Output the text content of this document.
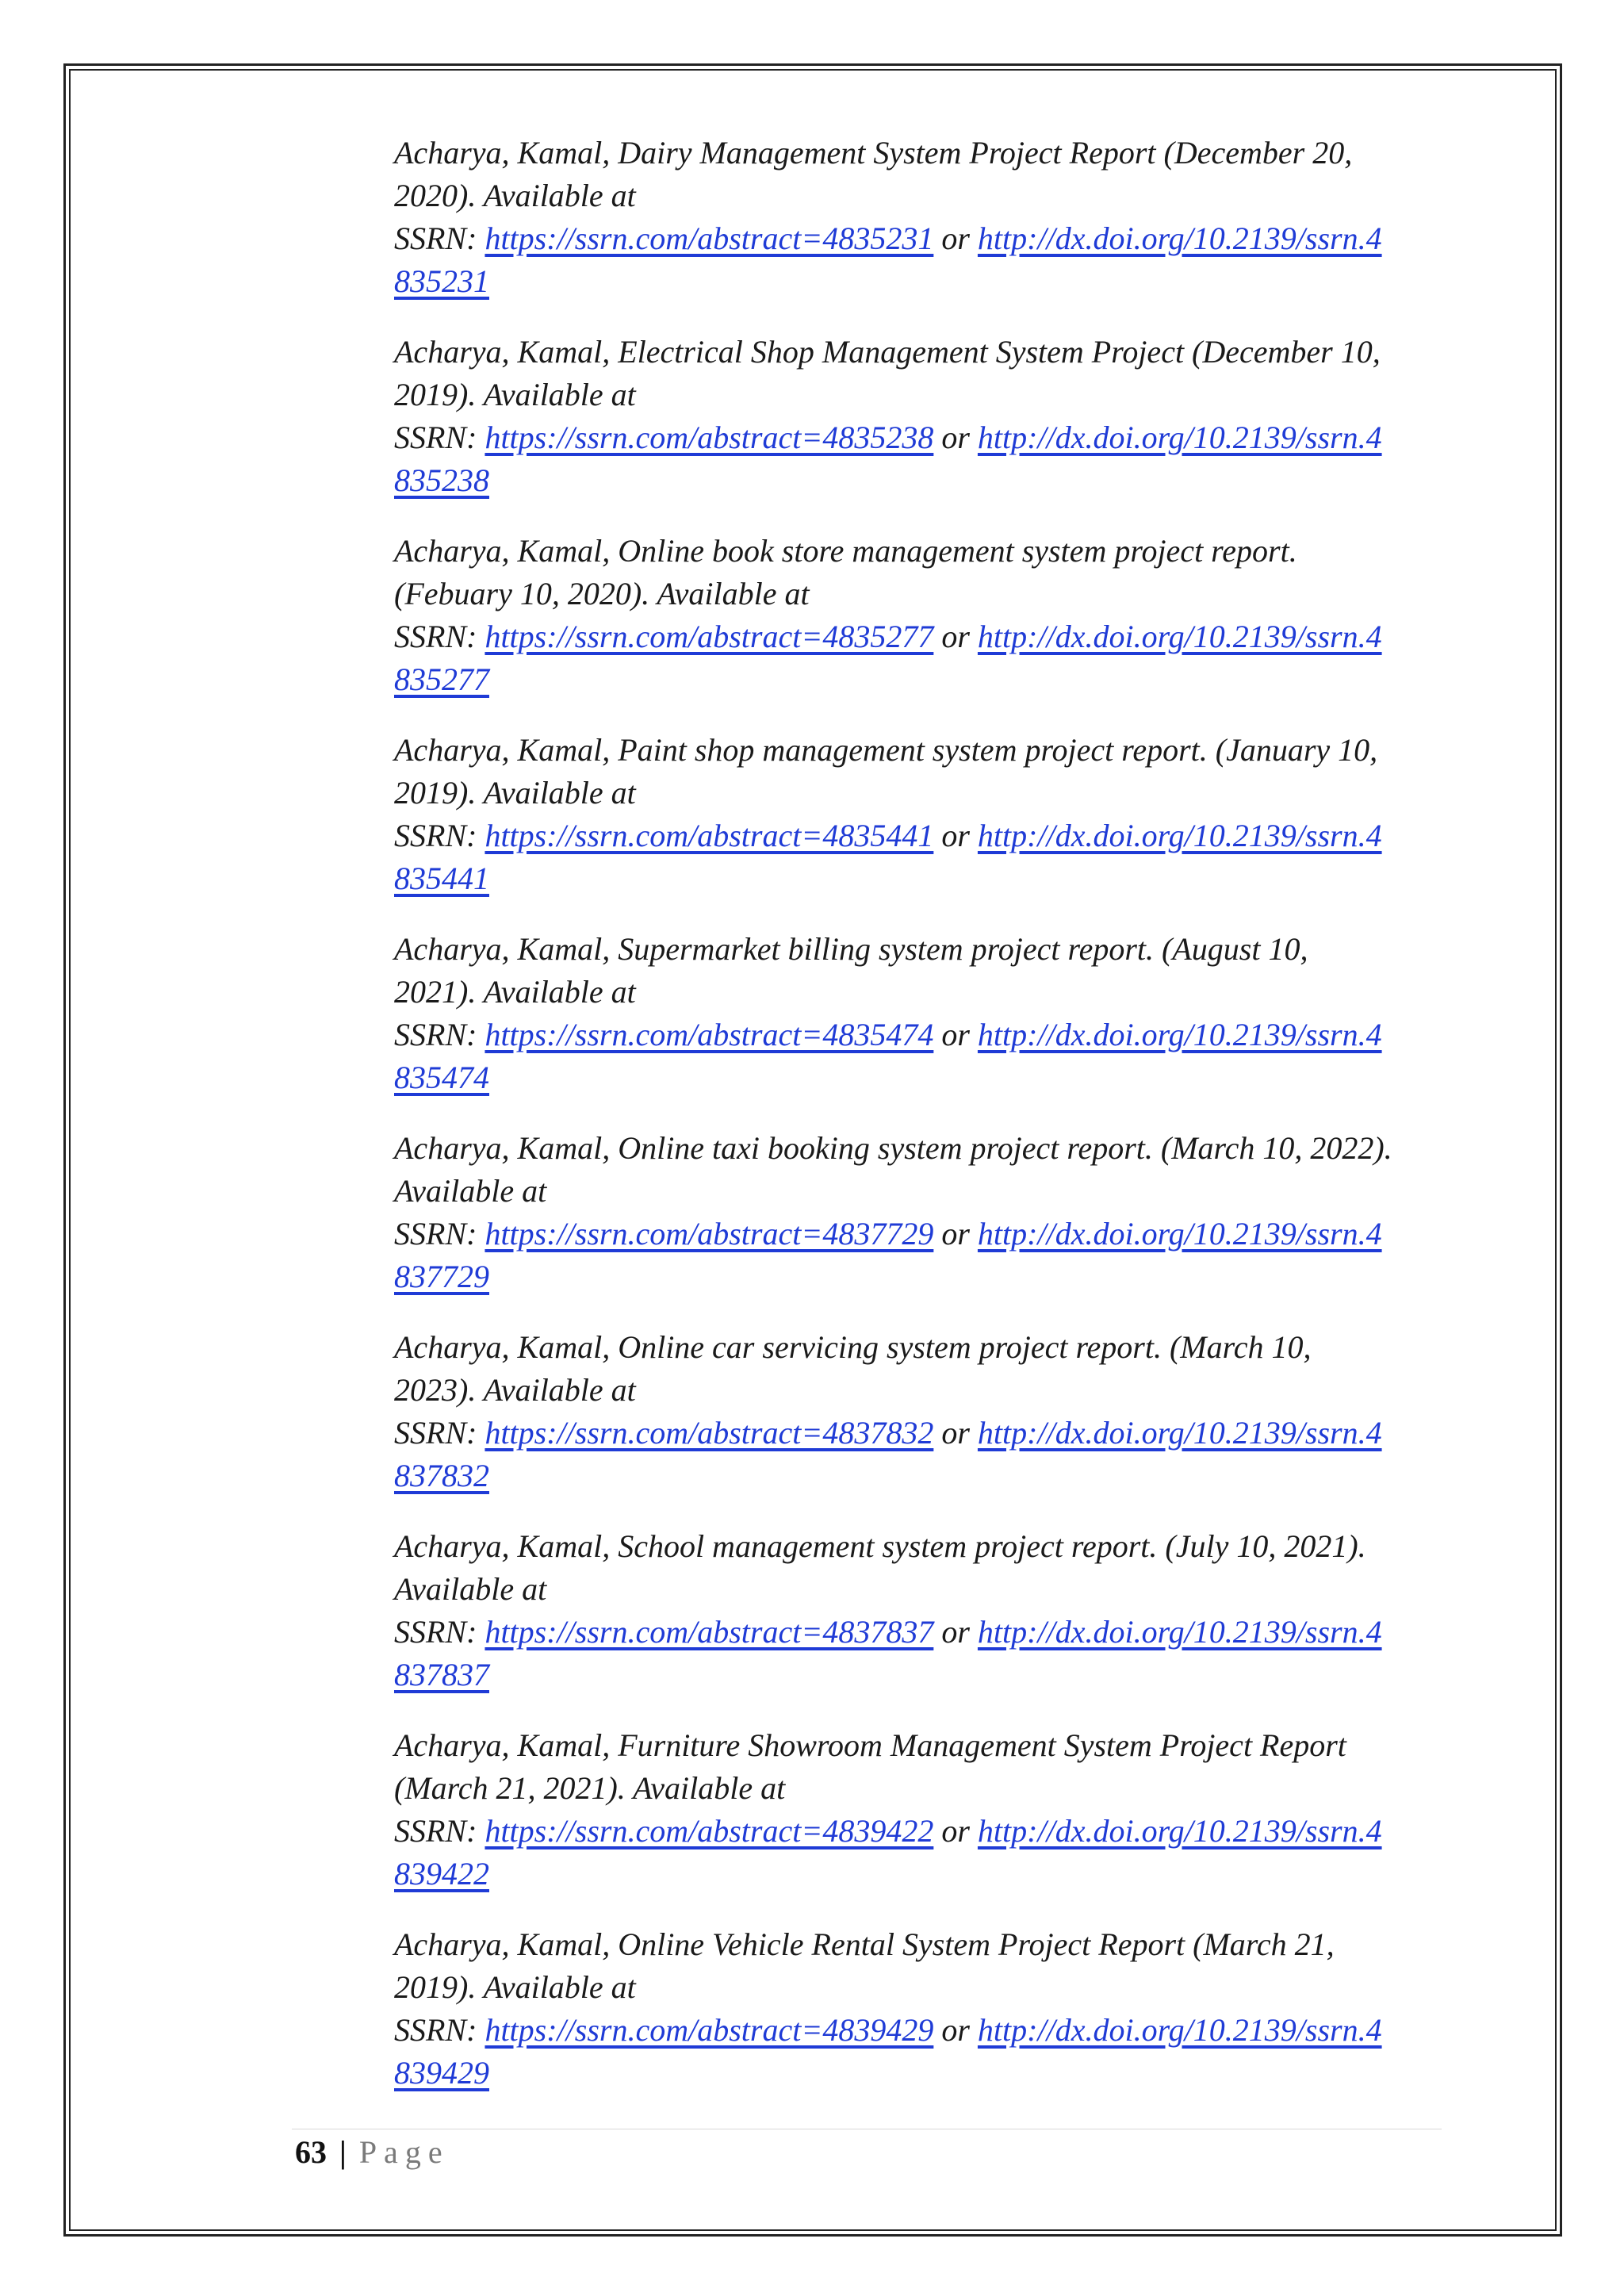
Acharya, Kamal, Dairy Management System Project Report (December 20,
2020). Available at
SSRN: https://ssrn.com/abstract=4835231 or http://dx.doi.org/10.2139/ssrn.4
835231

Acharya, Kamal, Electrical Shop Management System Project (December 10,
2019). Available at
SSRN: https://ssrn.com/abstract=4835238 or http://dx.doi.org/10.2139/ssrn.4
835238

Acharya, Kamal, Online book store management system project report.
(Febuary 10, 2020). Available at
SSRN: https://ssrn.com/abstract=4835277 or http://dx.doi.org/10.2139/ssrn.4
835277

Acharya, Kamal, Paint shop management system project report. (January 10,
2019). Available at
SSRN: https://ssrn.com/abstract=4835441 or http://dx.doi.org/10.2139/ssrn.4
835441

Acharya, Kamal, Supermarket billing system project report. (August 10,
2021). Available at
SSRN: https://ssrn.com/abstract=4835474 or http://dx.doi.org/10.2139/ssrn.4
835474

Acharya, Kamal, Online taxi booking system project report. (March 10, 2022).
Available at
SSRN: https://ssrn.com/abstract=4837729 or http://dx.doi.org/10.2139/ssrn.4
837729

Acharya, Kamal, Online car servicing system project report. (March 10,
2023). Available at
SSRN: https://ssrn.com/abstract=4837832 or http://dx.doi.org/10.2139/ssrn.4
837832

Acharya, Kamal, School management system project report. (July 10, 2021).
Available at
SSRN: https://ssrn.com/abstract=4837837 or http://dx.doi.org/10.2139/ssrn.4
837837

Acharya, Kamal, Furniture Showroom Management System Project Report
(March 21, 2021). Available at
SSRN: https://ssrn.com/abstract=4839422 or http://dx.doi.org/10.2139/ssrn.4
839422

Acharya, Kamal, Online Vehicle Rental System Project Report (March 21,
2019). Available at
SSRN: https://ssrn.com/abstract=4839429 or http://dx.doi.org/10.2139/ssrn.4
839429

63 | Page
